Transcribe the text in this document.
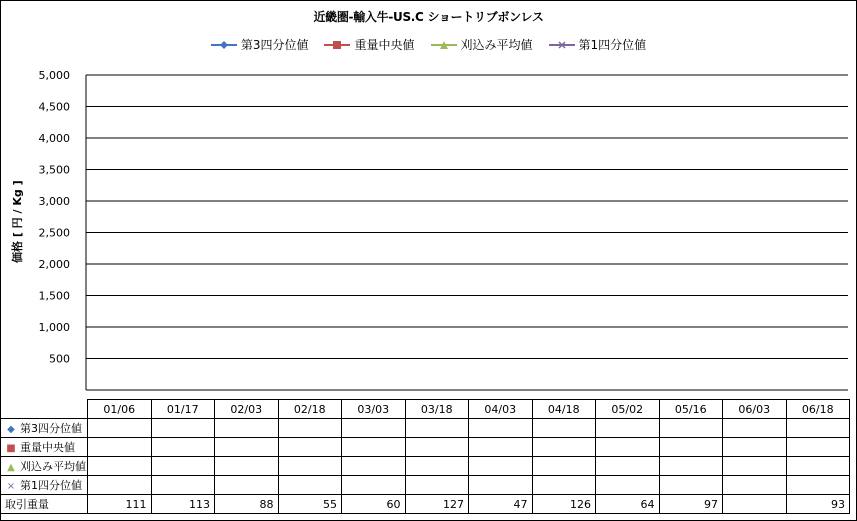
近畿圏-輸入牛-US.C ショートリブボンレス
第3四分位値	重量中央値	刈込み平均値	第1四分位値
価格 [ 円 / Kg ]
500
1,000
1,500
2,000
2,500
3,000
3,500
4,000
4,500
5,000
	01/06	01/17	02/03	02/18	03/03	03/18	04/03	04/18	05/02	05/16	06/03	06/18
◆ 第3四分位値												
■ 重量中央値												
▲ 刈込み平均値												
× 第1四分位値												
取引重量	111	113	88	55	60	127	47	126	64	97		93
